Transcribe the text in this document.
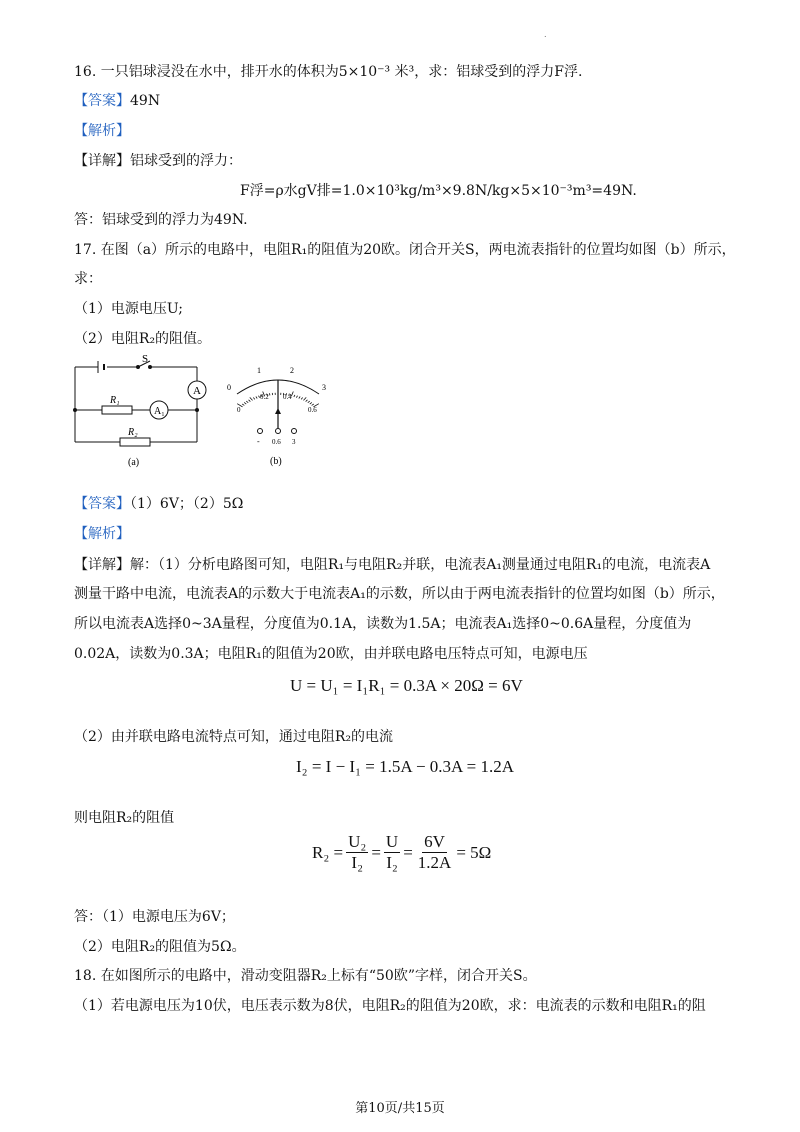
.
16. 一只铝球浸没在水中，排开水的体积为5×10⁻³ 米³，求：铝球受到的浮力F浮.
【答案】49N
【解析】
【详解】铝球受到的浮力：
F浮=ρ水gV排=1.0×10³kg/m³×9.8N/kg×5×10⁻³m³=49N.
答：铝球受到的浮力为49N.
17. 在图（a）所示的电路中，电阻R₁的阻值为20欧。闭合开关S，两电流表指针的位置均如图（b）所示，
求：
（1）电源电压U;
（2）电阻R₂的阻值。
S
A
A₁
R₁
R₂
(a)
0
1	2
3
0
0.2 0.4
0.6
- 0.6 3
(b)
【答案】（1）6V；（2）5Ω
【解析】
【详解】解：（1）分析电路图可知，电阻R₁与电阻R₂并联，电流表A₁测量通过电阻R₁的电流，电流表A
测量干路中电流，电流表A的示数大于电流表A₁的示数，所以由于两电流表指针的位置均如图（b）所示，
所以电流表A选择0~3A量程，分度值为0.1A，读数为1.5A；电流表A₁选择0~0.6A量程，分度值为
0.02A，读数为0.3A；电阻R₁的阻值为20欧，由并联电路电压特点可知，电源电压
U = U₁ = I₁R₁ = 0.3A × 20Ω = 6V
（2）由并联电路电流特点可知，通过电阻R₂的电流
I₂ = I − I₁ = 1.5A − 0.3A = 1.2A
则电阻R₂的阻值
$R_2 = \frac{\text{U₂}}{\text{I₂}} = \frac{U}{\text{I₂}} = \frac{6V}{1.2A} = 5\Omega$
答：（1）电源电压为6V；
（2）电阻R₂的阻值为5Ω。
18. 在如图所示的电路中，滑动变阻器R₂上标有“50欧”字样，闭合开关S。
（1）若电源电压为10伏，电压表示数为8伏，电阻R₂的阻值为20欧，求：电流表的示数和电阻R₁的阻
第10页/共15页
